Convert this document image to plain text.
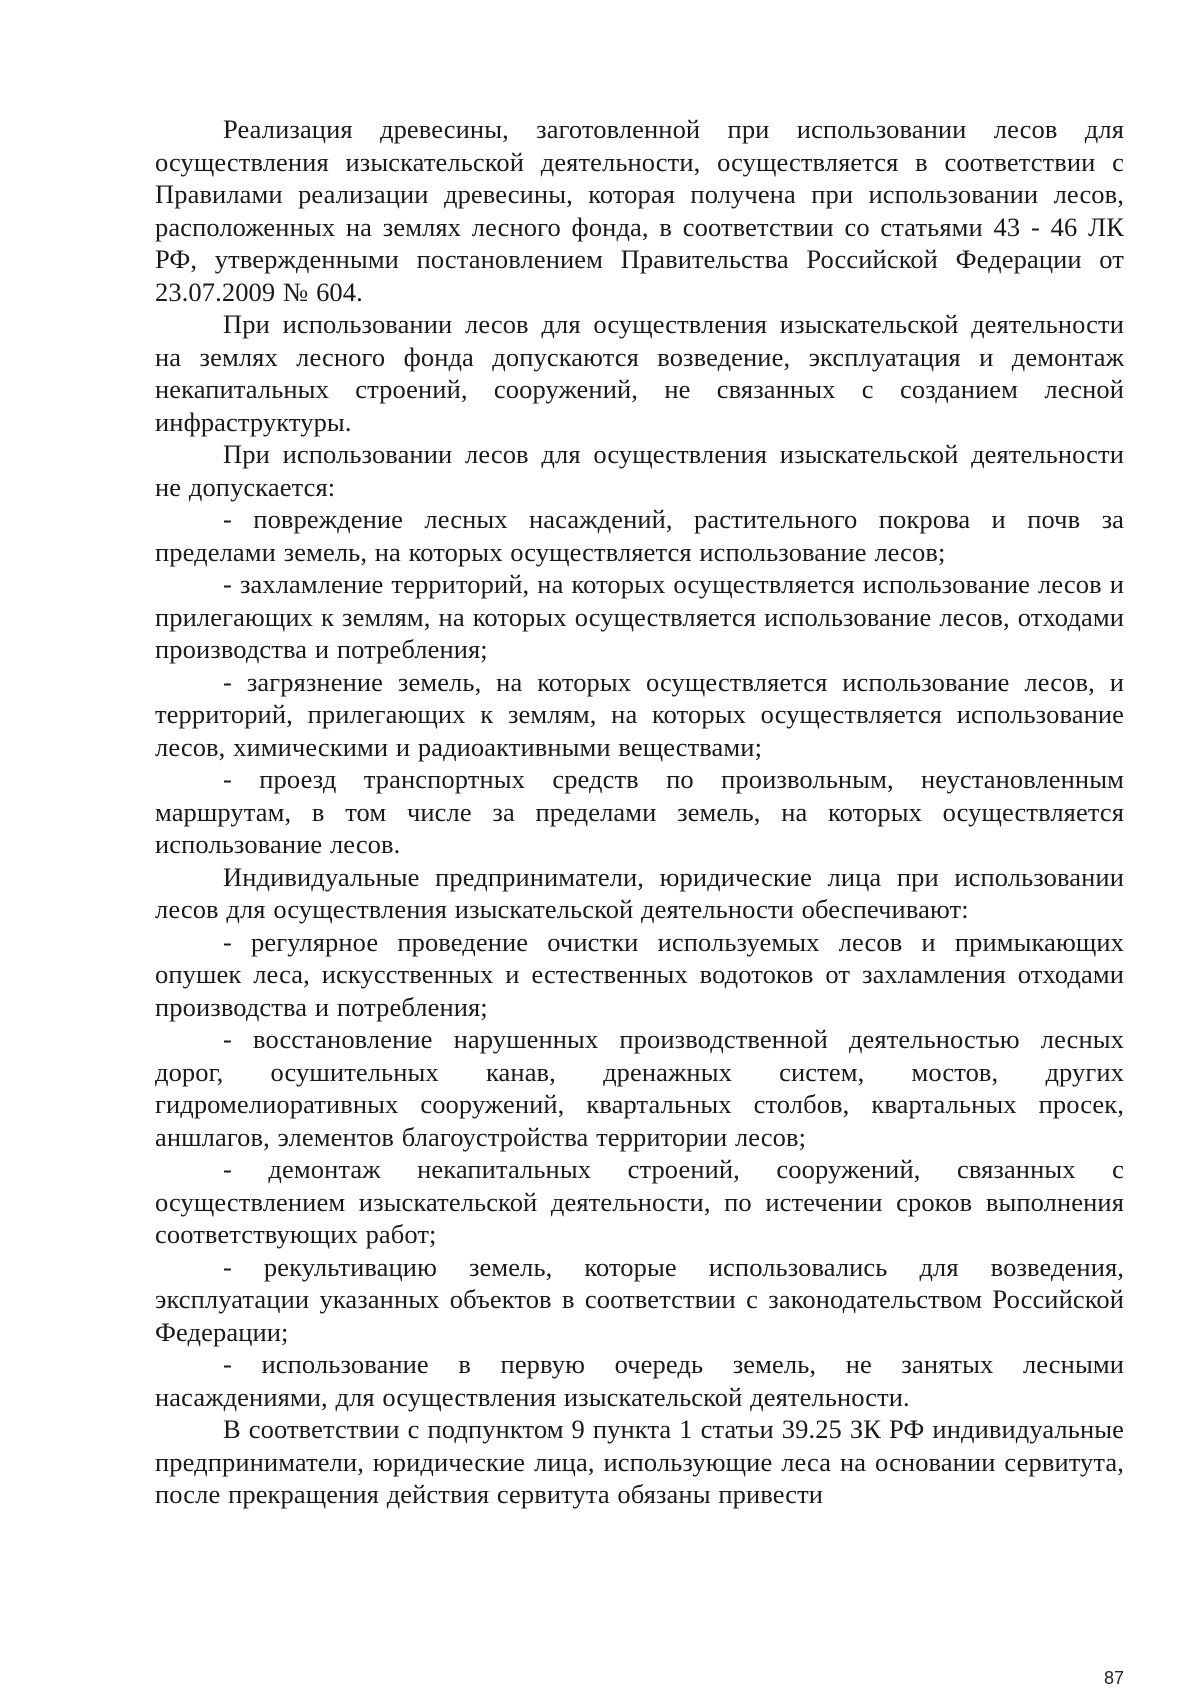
Реализация древесины, заготовленной при использовании лесов для осуществления изыскательской деятельности, осуществляется в соответствии с Правилами реализации древесины, которая получена при использовании лесов, расположенных на землях лесного фонда, в соответствии со статьями 43 - 46 ЛК РФ, утвержденными постановлением Правительства Российской Федерации от 23.07.2009 № 604.

При использовании лесов для осуществления изыскательской деятельности на землях лесного фонда допускаются возведение, эксплуатация и демонтаж некапитальных строений, сооружений, не связанных с созданием лесной инфраструктуры.

При использовании лесов для осуществления изыскательской деятельности не допускается:

- повреждение лесных насаждений, растительного покрова и почв за пределами земель, на которых осуществляется использование лесов;

- захламление территорий, на которых осуществляется использование лесов и прилегающих к землям, на которых осуществляется использование лесов, отходами производства и потребления;

- загрязнение земель, на которых осуществляется использование лесов, и территорий, прилегающих к землям, на которых осуществляется использование лесов, химическими и радиоактивными веществами;

- проезд транспортных средств по произвольным, неустановленным маршрутам, в том числе за пределами земель, на которых осуществляется использование лесов.

Индивидуальные предприниматели, юридические лица при использовании лесов для осуществления изыскательской деятельности обеспечивают:

- регулярное проведение очистки используемых лесов и примыкающих опушек леса, искусственных и естественных водотоков от захламления отходами производства и потребления;

- восстановление нарушенных производственной деятельностью лесных дорог, осушительных канав, дренажных систем, мостов, других гидромелиоративных сооружений, квартальных столбов, квартальных просек, аншлагов, элементов благоустройства территории лесов;

- демонтаж некапитальных строений, сооружений, связанных с осуществлением изыскательской деятельности, по истечении сроков выполнения соответствующих работ;

- рекультивацию земель, которые использовались для возведения, эксплуатации указанных объектов в соответствии с законодательством Российской Федерации;

- использование в первую очередь земель, не занятых лесными насаждениями, для осуществления изыскательской деятельности.

В соответствии с подпунктом 9 пункта 1 статьи 39.25 ЗК РФ индивидуальные предприниматели, юридические лица, использующие леса на основании сервитута, после прекращения действия сервитута обязаны привести

87
